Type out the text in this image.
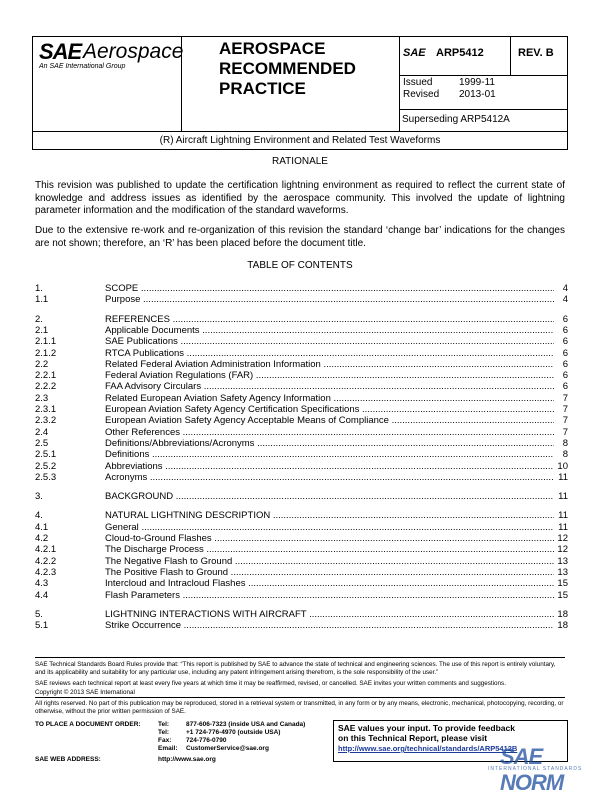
SAE Aerospace
An SAE International Group
AEROSPACE
RECOMMENDED
PRACTICE
SAE ARP5412	REV. B
Issued	1999-11
Revised 2013-01
Superseding ARP5412A
(R) Aircraft Lightning Environment and Related Test Waveforms
RATIONALE
This revision was published to update the certification lightning environment as required to reflect the current state of knowledge and address issues as identified by the aerospace community. This involved the update of lightning parameter information and the modification of the standard waveforms.
Due to the extensive re-work and re-organization of this revision the standard ‘change bar’ indications for the changes are not shown; therefore, an ‘R’ has been placed before the document title.
TABLE OF CONTENTS
1.	SCOPE .....	4
1.1	Purpose .....	4
2.	REFERENCES .....	6
2.1	Applicable Documents .....	6
2.1.1	SAE Publications .....	6
2.1.2	RTCA Publications .....	6
2.2	Related Federal Aviation Administration Information .....	6
2.2.1	Federal Aviation Regulations (FAR) .....	6
2.2.2	FAA Advisory Circulars .....	6
2.3	Related European Aviation Safety Agency Information .....	7
2.3.1	European Aviation Safety Agency Certification Specifications .....	7
2.3.2	European Aviation Safety Agency Acceptable Means of Compliance .....	7
2.4	Other References .....	7
2.5	Definitions/Abbreviations/Acronyms .....	8
2.5.1	Definitions .....	8
2.5.2	Abbreviations .....	10
2.5.3	Acronyms .....	11
3.	BACKGROUND .....	11
4.	NATURAL LIGHTNING DESCRIPTION .....	11
4.1	General .....	11
4.2	Cloud-to-Ground Flashes .....	12
4.2.1	The Discharge Process .....	12
4.2.2	The Negative Flash to Ground .....	13
4.2.3	The Positive Flash to Ground .....	13
4.3	Intercloud and Intracloud Flashes .....	15
4.4	Flash Parameters .....	15
5.	LIGHTNING INTERACTIONS WITH AIRCRAFT .....	18
5.1	Strike Occurrence .....	18
SAE Technical Standards Board Rules provide that: “This report is published by SAE to advance the state of technical and engineering sciences. The use of this report is entirely voluntary, and its applicability and suitability for any particular use, including any patent infringement arising therefrom, is the sole responsibility of the user.”
SAE reviews each technical report at least every five years at which time it may be reaffirmed, revised, or cancelled. SAE invites your written comments and suggestions.
Copyright © 2013 SAE International
All rights reserved. No part of this publication may be reproduced, stored in a retrieval system or transmitted, in any form or by any means, electronic, mechanical, photocopying, recording, or otherwise, without the prior written permission of SAE.
TO PLACE A DOCUMENT ORDER:	Tel:	877-606-7323 (inside USA and Canada)
Tel:	+1 724-776-4970 (outside USA)
Fax: 724-776-0790
Email: CustomerService@sae.org
SAE WEB ADDRESS:	http://www.sae.org
SAE values your input. To provide feedback
on this Technical Report, please visit
http://www.sae.org/technical/standards/ARP5412B
SAE NORM
INTERNATIONAL STANDARDS
